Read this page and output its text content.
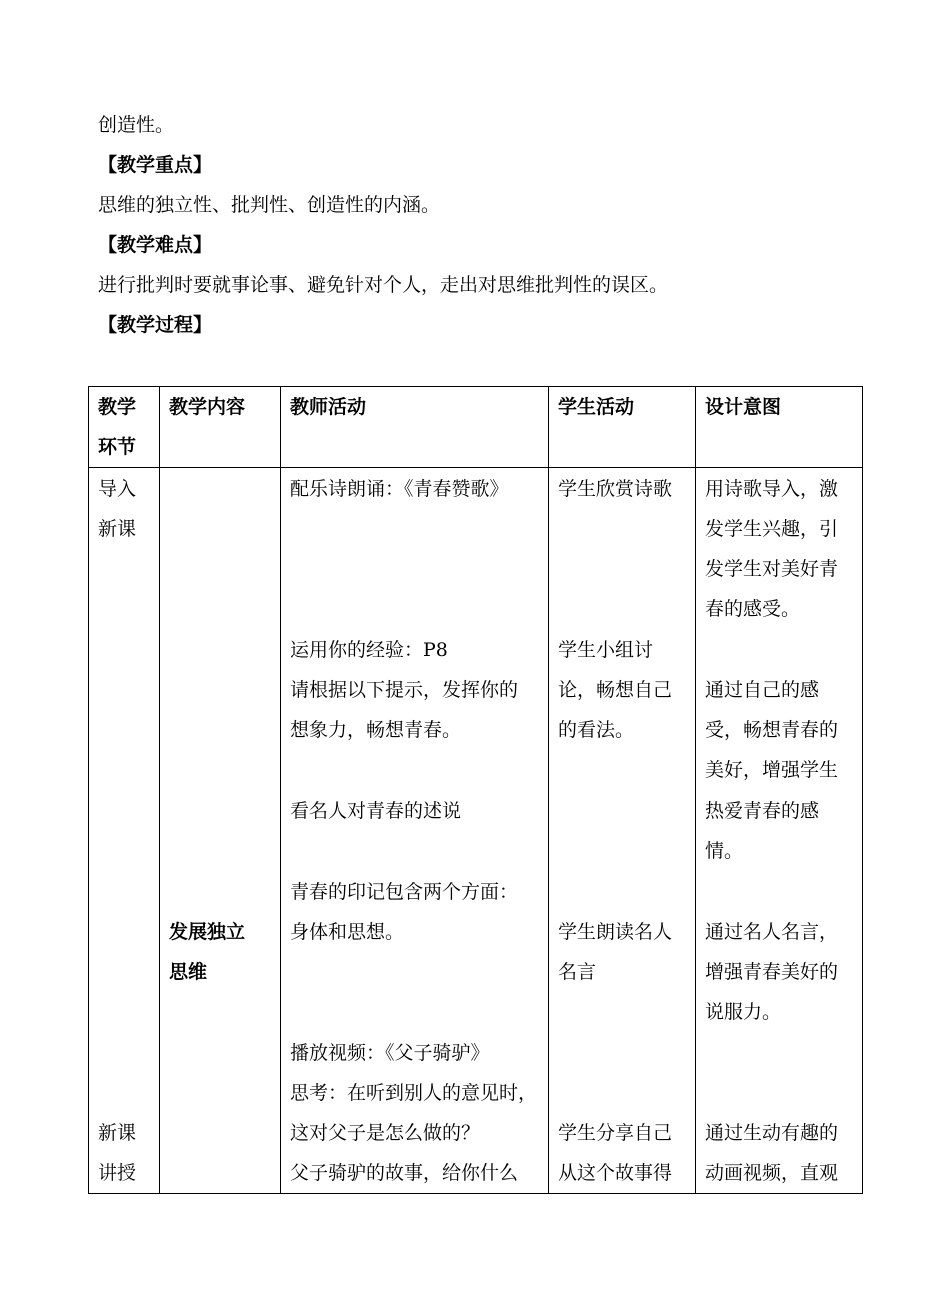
创造性。
【教学重点】
思维的独立性、批判性、创造性的内涵。
【教学难点】
进行批判时要就事论事、避免针对个人，走出对思维批判性的误区。
【教学过程】
教学
环节
教学内容 教师活动	学生活动	设计意图
导入
新课
新课
讲授
发展独立
思维
配乐诗朗诵：《青春赞歌》
运用你的经验：P8
请根据以下提示，发挥你的
想象力，畅想青春。
看名人对青春的述说
青春的印记包含两个方面：
身体和思想。
播放视频：《父子骑驴》
思考：在听到别人的意见时，
这对父子是怎么做的？
父子骑驴的故事，给你什么
学生欣赏诗歌
学生小组讨
论，畅想自己
的看法。
学生朗读名人
名言
学生分享自己
从这个故事得
用诗歌导入，激
发学生兴趣，引
发学生对美好青
春的感受。
通过自己的感
受，畅想青春的
美好，增强学生
热爱青春的感
情。
通过名人名言，
增强青春美好的
说服力。
通过生动有趣的
动画视频，直观
